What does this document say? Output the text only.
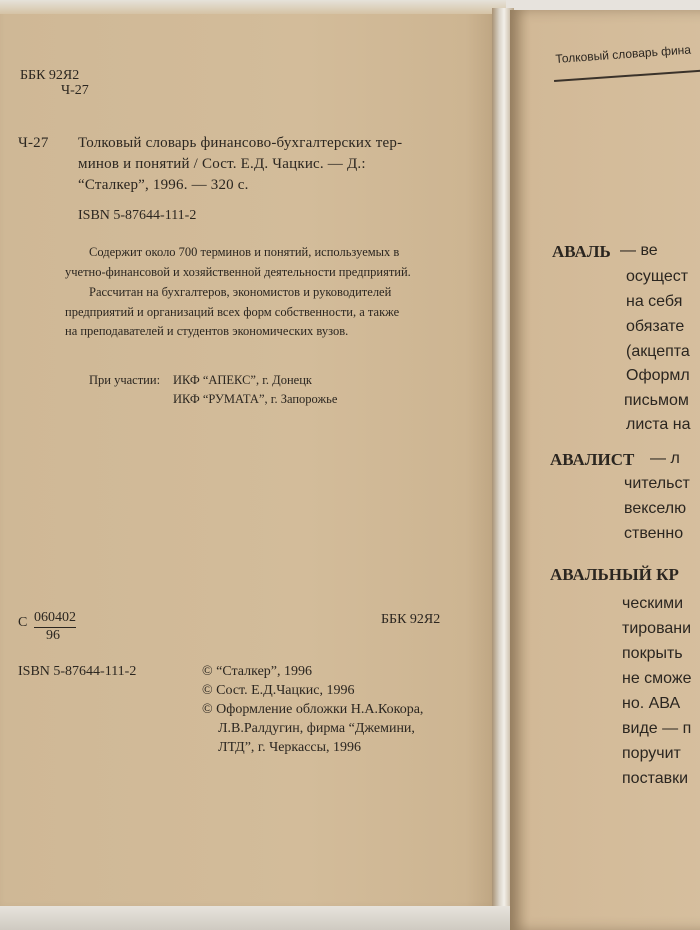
ББК 92Я2
Ч-27
Ч-27 Толковый словарь финансово-бухгалтерских тер-
минов и понятий / Сост. Е.Д. Чацкис. — Д.:
“Сталкер”, 1996. — 320 с.
ISBN 5-87644-111-2
Содержит около 700 терминов и понятий, используемых в
учетно-финансовой и хозяйственной деятельности предприятий.
Рассчитан на бухгалтеров, экономистов и руководителей
предприятий и организаций всех форм собственности, а также
на преподавателей и студентов экономических вузов.
При участии: ИКФ “АПЕКС”, г. Донецк
ИКФ “РУМАТА”, г. Запорожье
С 060402
96
ББК 92Я2
ISBN 5-87644-111-2	© “Сталкер”, 1996
© Сост. Е.Д.Чацкис, 1996
© Оформление обложки Н.А.Кокора,
Л.В.Ралдугин, фирма “Джемини,
ЛТД”, г. Черкассы, 1996
Толковый словарь фина
АВАЛЬ — ве
осущест
на себя
обязате
(акцепта
Оформл
письмом
листа на
АВАЛИСТ — л
чительст
векселю
ственно
АВАЛЬНЫЙ КР
ческими
тировани
покрыть
не сможе
но. АВА
виде — п
поручит
поставки
